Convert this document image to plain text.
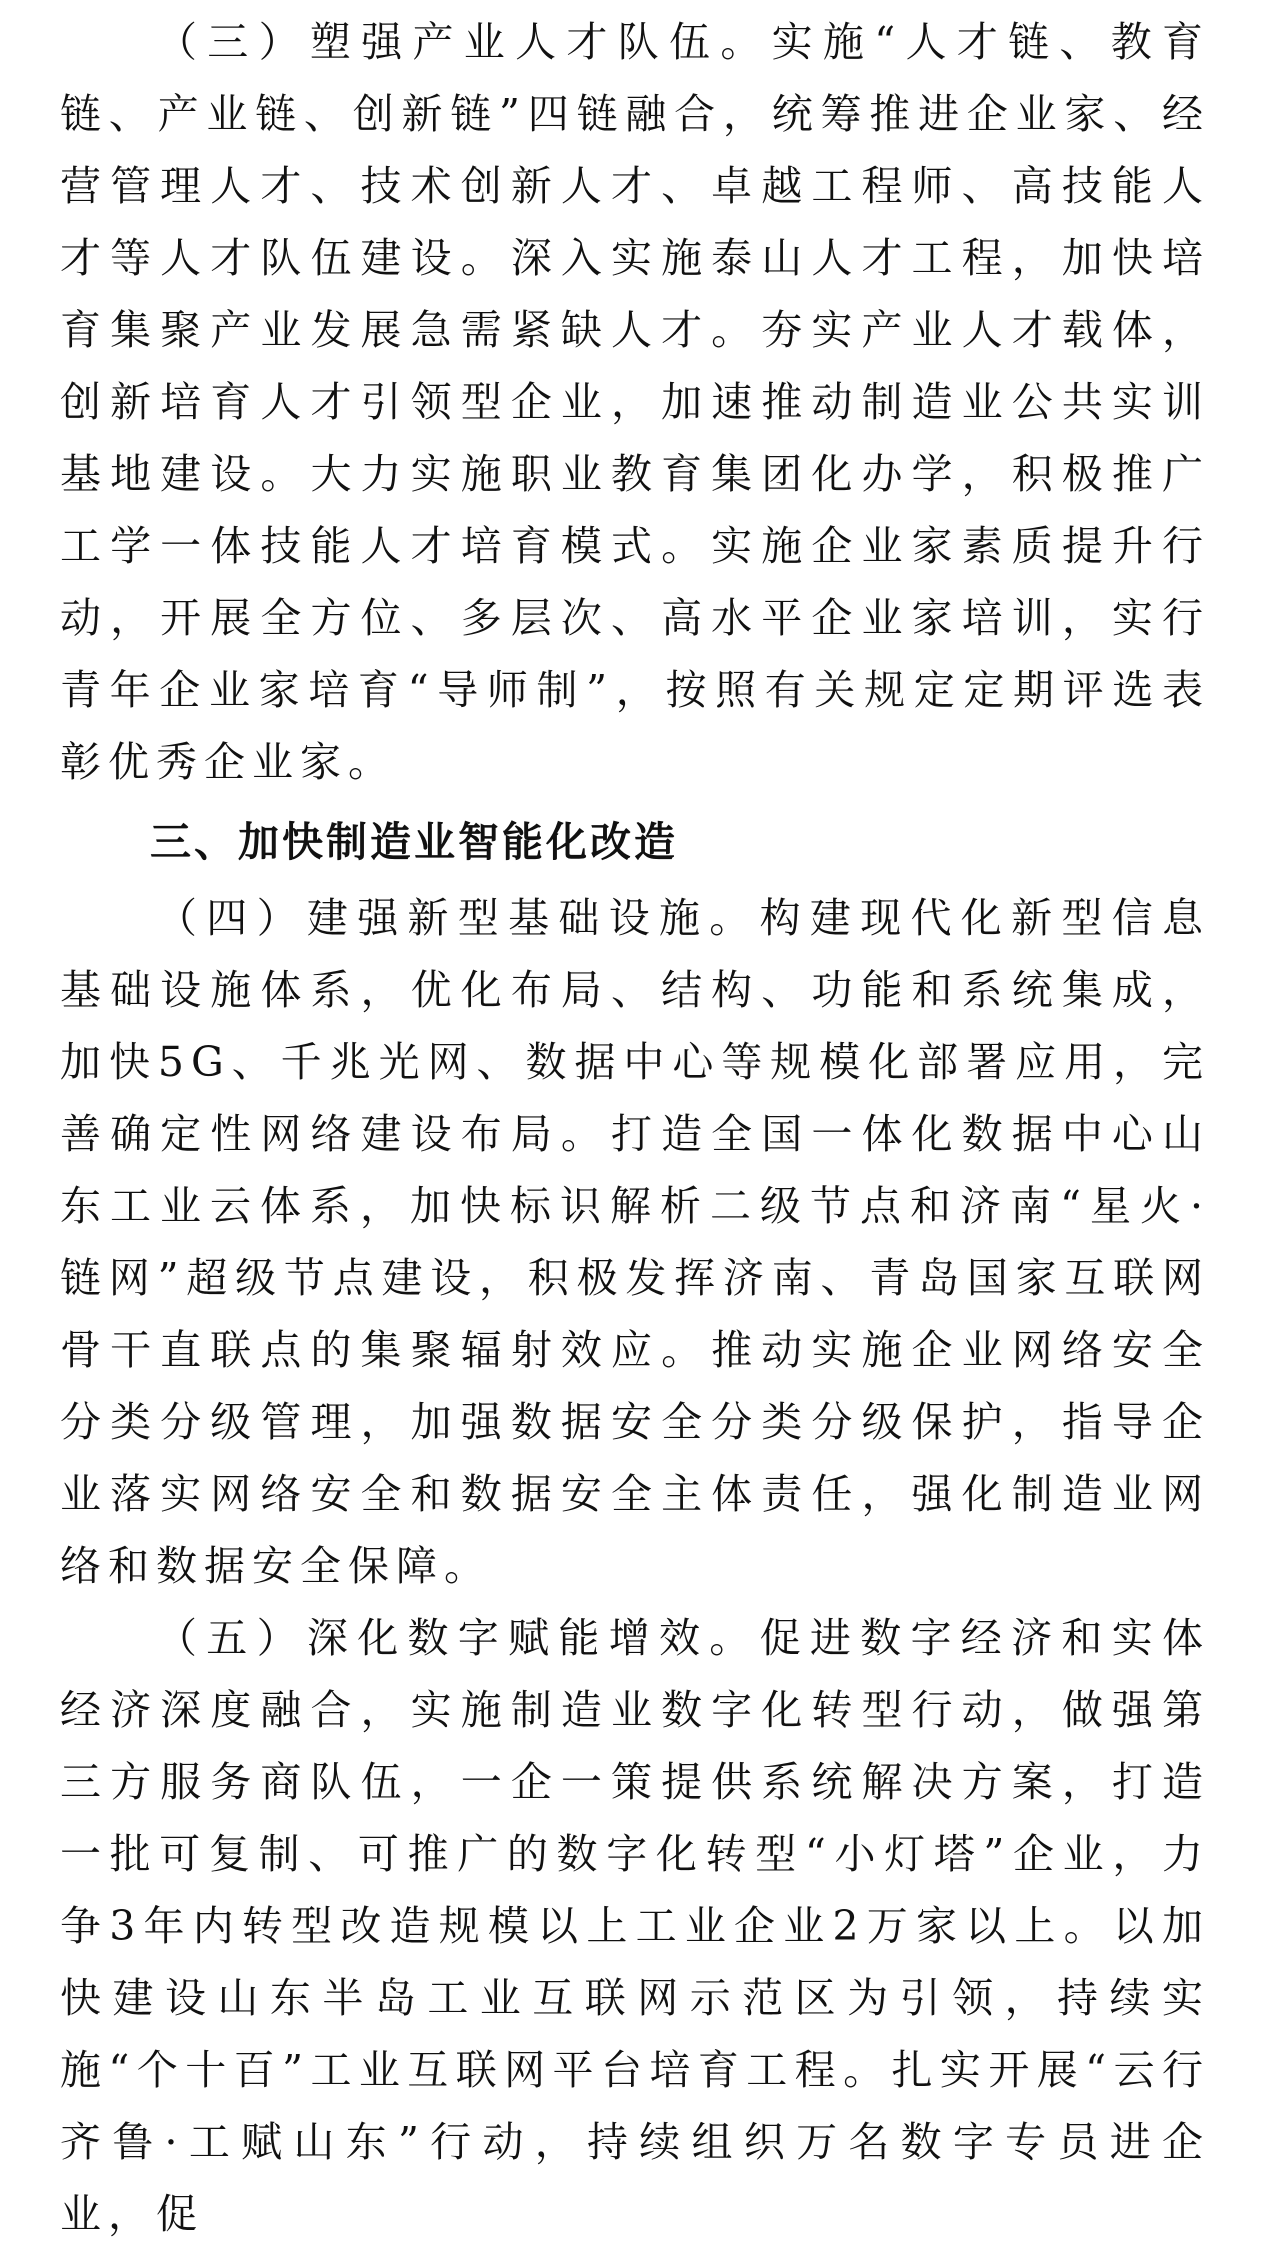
（三）塑强产业人才队伍。实施“人才链、教育链、产业链、创新链”四链融合，统筹推进企业家、经营管理人才、技术创新人才、卓越工程师、高技能人才等人才队伍建设。深入实施泰山人才工程，加快培育集聚产业发展急需紧缺人才。夯实产业人才载体，创新培育人才引领型企业，加速推动制造业公共实训基地建设。大力实施职业教育集团化办学，积极推广工学一体技能人才培育模式。实施企业家素质提升行动，开展全方位、多层次、高水平企业家培训，实行青年企业家培育“导师制”，按照有关规定定期评选表彰优秀企业家。

三、加快制造业智能化改造

（四）建强新型基础设施。构建现代化新型信息基础设施体系，优化布局、结构、功能和系统集成，加快5G、千兆光网、数据中心等规模化部署应用，完善确定性网络建设布局。打造全国一体化数据中心山东工业云体系，加快标识解析二级节点和济南“星火·链网”超级节点建设，积极发挥济南、青岛国家互联网骨干直联点的集聚辐射效应。推动实施企业网络安全分类分级管理，加强数据安全分类分级保护，指导企业落实网络安全和数据安全主体责任，强化制造业网络和数据安全保障。

（五）深化数字赋能增效。促进数字经济和实体经济深度融合，实施制造业数字化转型行动，做强第三方服务商队伍，一企一策提供系统解决方案，打造一批可复制、可推广的数字化转型“小灯塔”企业，力争3年内转型改造规模以上工业企业2万家以上。以加快建设山东半岛工业互联网示范区为引领，持续实施“个十百”工业互联网平台培育工程。扎实开展“云行齐鲁·工赋山东”行动，持续组织万名数字专员进企业，促
